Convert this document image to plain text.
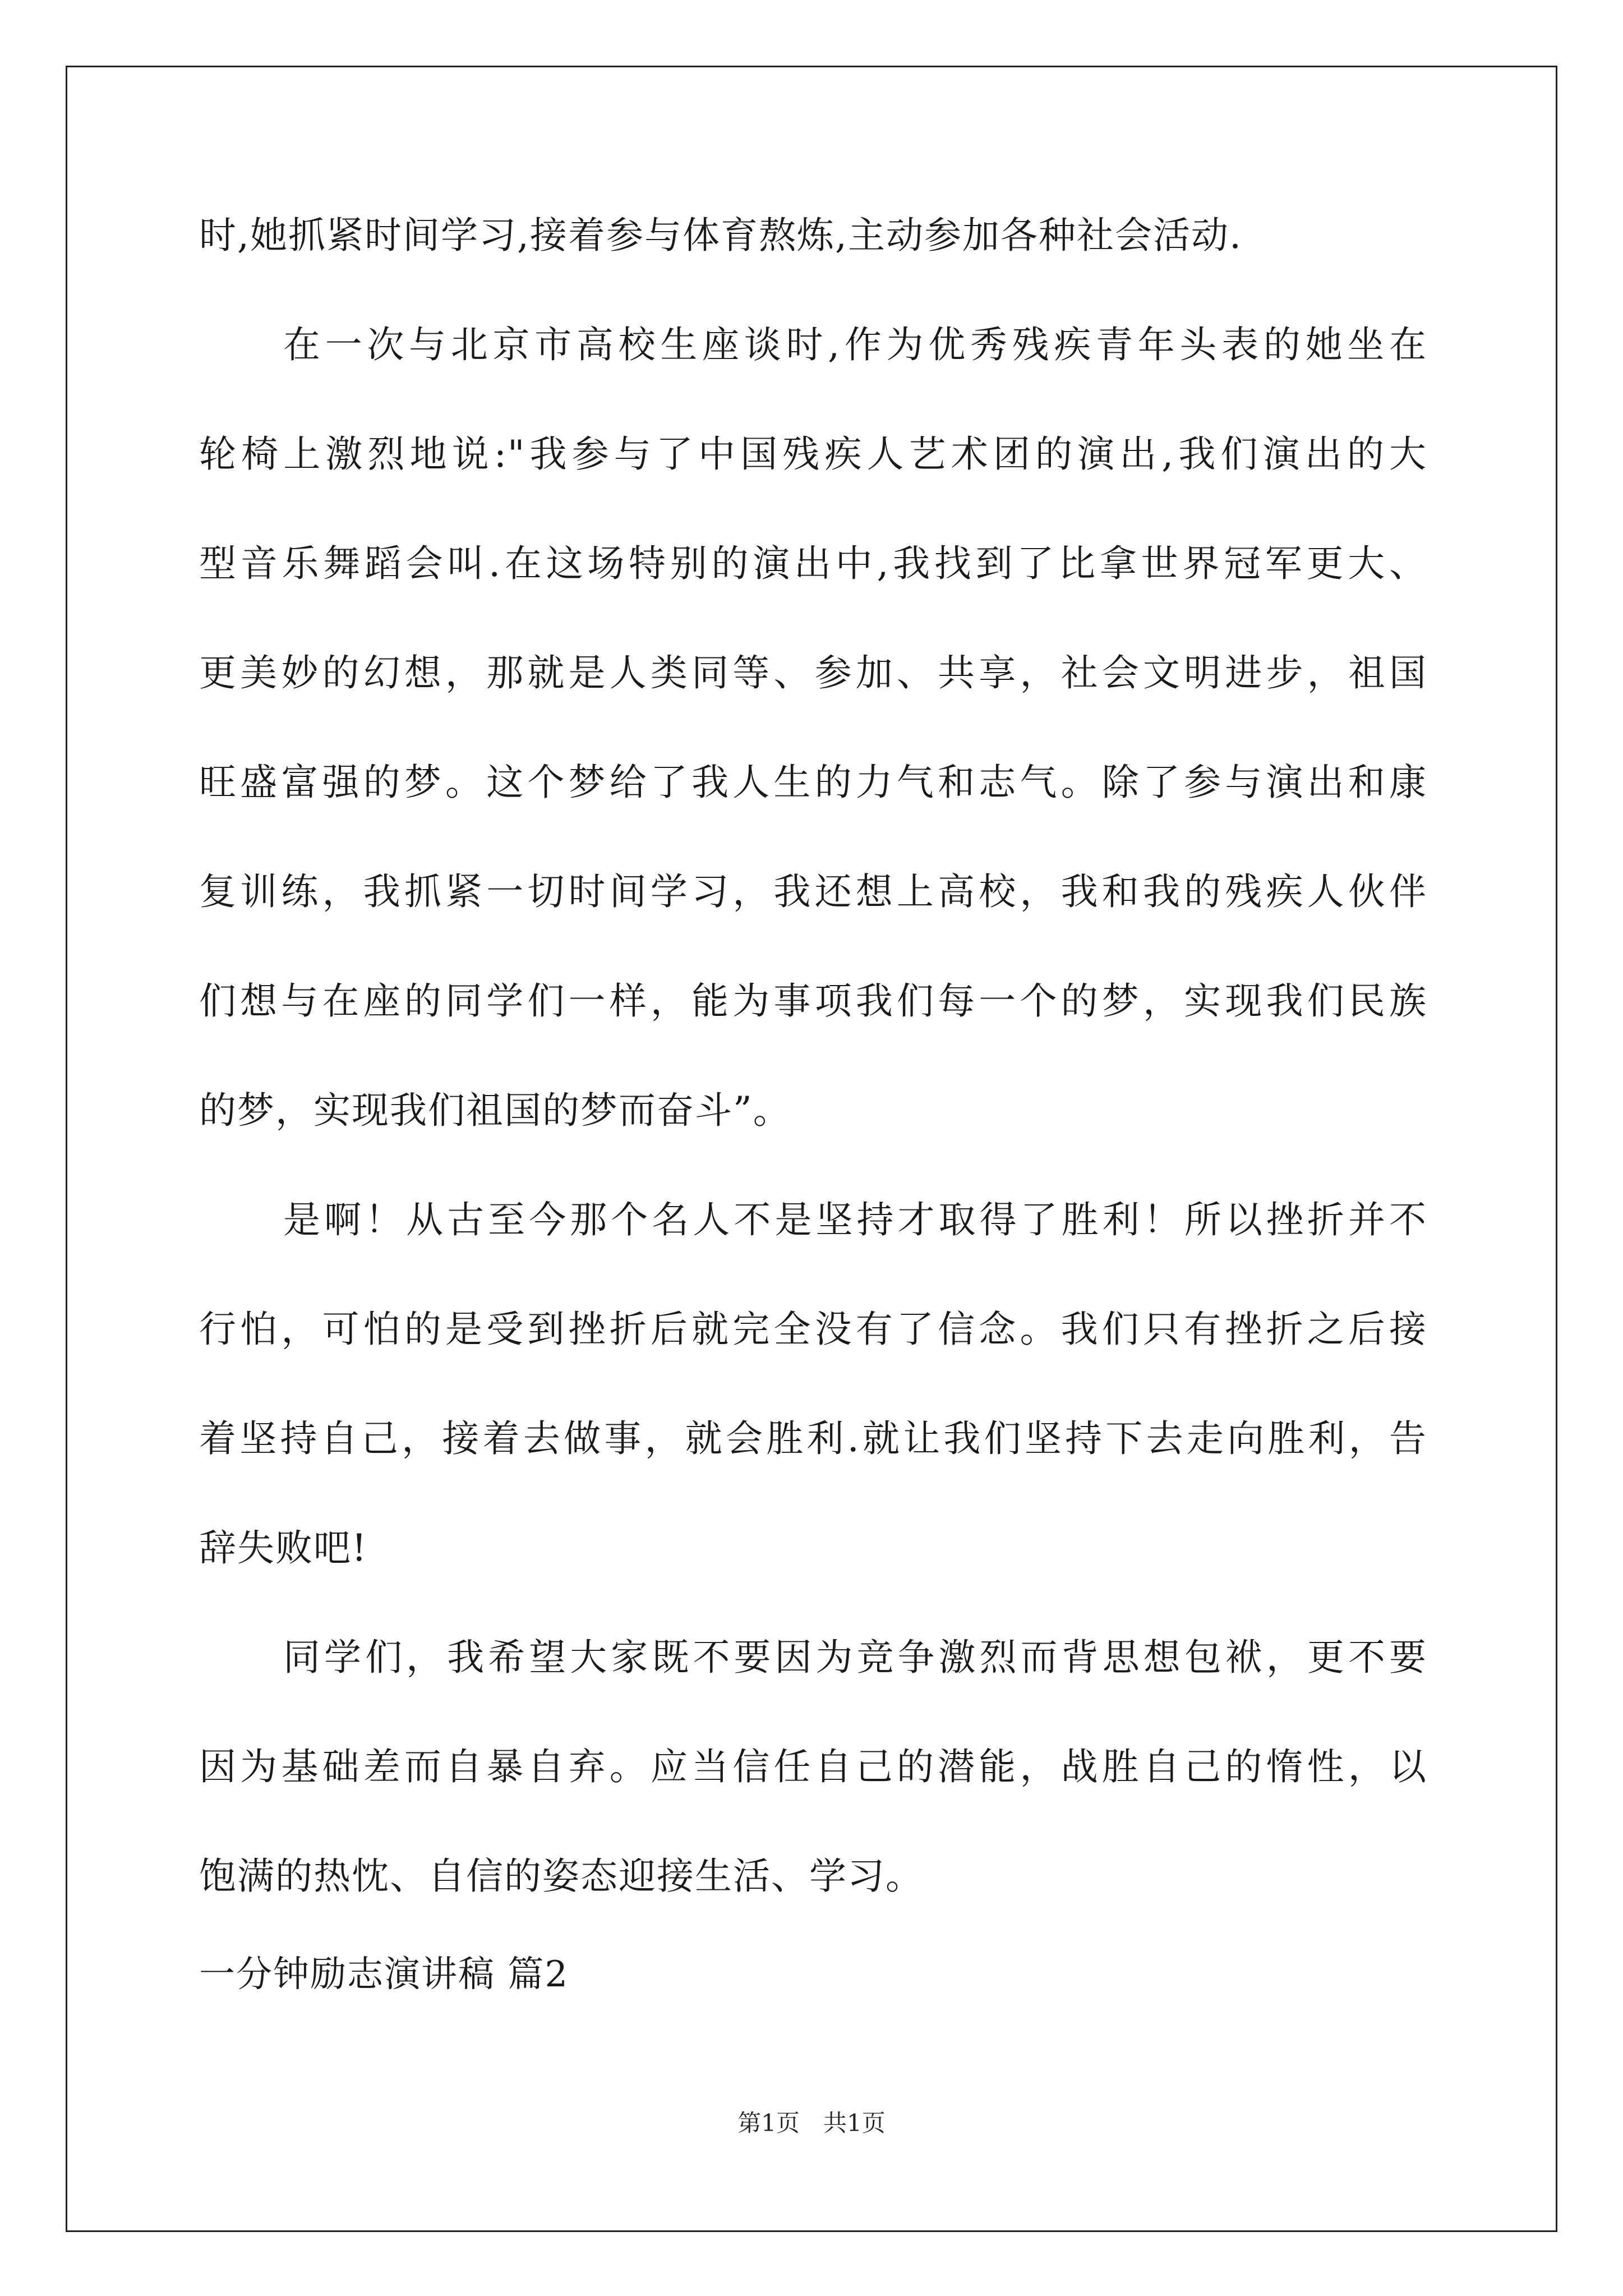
时,她抓紧时间学习,接着参与体育熬炼,主动参加各种社会活动.
在一次与北京市高校生座谈时,作为优秀残疾青年头表的她坐在
轮椅上激烈地说:"我参与了中国残疾人艺术团的演出,我们演出的大
型音乐舞蹈会叫.在这场特别的演出中,我找到了比拿世界冠军更大、
更美妙的幻想，那就是人类同等、参加、共享，社会文明进步，祖国
旺盛富强的梦。这个梦给了我人生的力气和志气。除了参与演出和康
复训练，我抓紧一切时间学习，我还想上高校，我和我的残疾人伙伴
们想与在座的同学们一样，能为事项我们每一个的梦，实现我们民族
的梦，实现我们祖国的梦而奋斗”。
是啊！从古至今那个名人不是坚持才取得了胜利！所以挫折并不
行怕，可怕的是受到挫折后就完全没有了信念。我们只有挫折之后接
着坚持自己，接着去做事，就会胜利.就让我们坚持下去走向胜利，告
辞失败吧!
同学们，我希望大家既不要因为竞争激烈而背思想包袱，更不要
因为基础差而自暴自弃。应当信任自己的潜能，战胜自己的惰性，以
饱满的热忱、自信的姿态迎接生活、学习。
一分钟励志演讲稿 篇2
第1页　共1页
